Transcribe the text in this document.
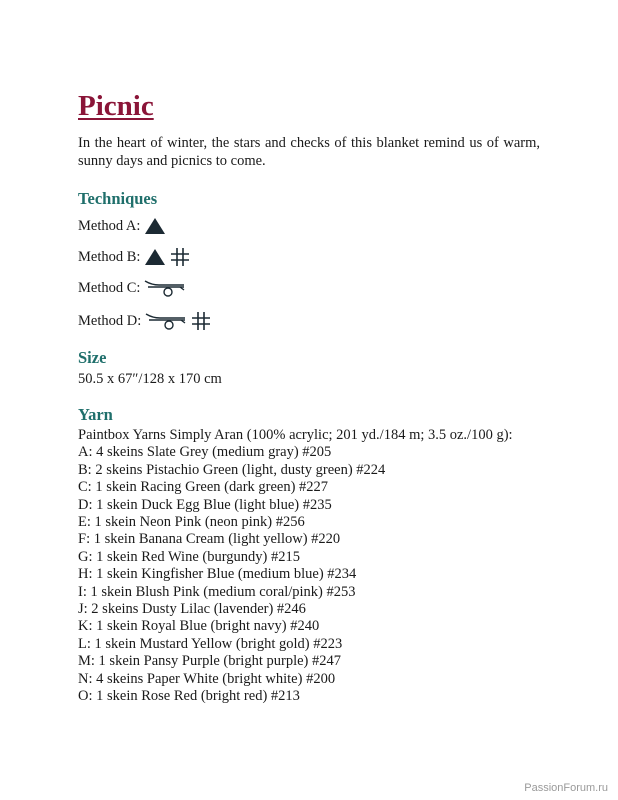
Picnic

In the heart of winter, the stars and checks of this blanket remind us of warm, sunny days and picnics to come.

Techniques
Method A:
Method B:
Method C:
Method D:
Size

50.5 x 67″/128 x 170 cm

Yarn

Paintbox Yarns Simply Aran (100% acrylic; 201 yd./184 m; 3.5 oz./100 g):

A: 4 skeins Slate Grey (medium gray) #205
B: 2 skeins Pistachio Green (light, dusty green) #224
C: 1 skein Racing Green (dark green) #227
D: 1 skein Duck Egg Blue (light blue) #235
E: 1 skein Neon Pink (neon pink) #256
F: 1 skein Banana Cream (light yellow) #220
G: 1 skein Red Wine (burgundy) #215
H: 1 skein Kingfisher Blue (medium blue) #234
I: 1 skein Blush Pink (medium coral/pink) #253
J: 2 skeins Dusty Lilac (lavender) #246
K: 1 skein Royal Blue (bright navy) #240
L: 1 skein Mustard Yellow (bright gold) #223
M: 1 skein Pansy Purple (bright purple) #247
N: 4 skeins Paper White (bright white) #200
O: 1 skein Rose Red (bright red) #213
PassionForum.ru
